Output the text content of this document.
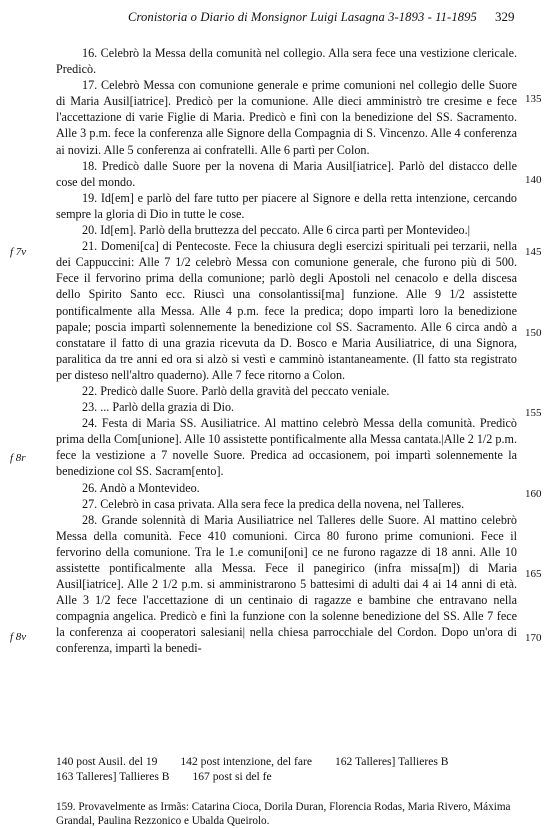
Cronistoria o Diario di Monsignor Luigi Lasagna 3-1893 - 11-1895 329

16. Celebrò la Messa della comunità nel collegio. Alla sera fece una vestizione clericale. Predicò.

17. Celebrò Messa con comunione generale e prime comunioni nel collegio delle Suore di Maria Ausil[iatrice]. Predicò per la comunione. Alle dieci amministrò tre cresime e fece l'accettazione di varie Figlie di Maria. Predicò e finì con la benedizione del SS. Sacramento. Alle 3 p.m. fece la conferenza alle Signore della Compagnia di S. Vincenzo. Alle 4 conferenza ai novizi. Alle 5 conferenza ai confratelli. Alle 6 partì per Colon.

18. Predicò dalle Suore per la novena di Maria Ausil[iatrice]. Parlò del distacco delle cose del mondo.

19. Id[em] e parlò del fare tutto per piacere al Signore e della retta intenzione, cercando sempre la gloria di Dio in tutte le cose.

20. Id[em]. Parlò della bruttezza del peccato. Alle 6 circa partì per Montevideo.|

21. Domeni[ca] di Pentecoste. Fece la chiusura degli esercizi spirituali pei terzarii, nella dei Cappuccini: Alle 7 1/2 celebrò Messa con comunione generale, che furono più di 500. Fece il fervorino prima della comunione; parlò degli Apostoli nel cenacolo e della discesa dello Spirito Santo ecc. Riuscì una consolantissi[ma] funzione. Alle 9 1/2 assistette pontificalmente alla Messa. Alle 4 p.m. fece la predica; dopo impartì loro la benedizione papale; poscia impartì solennemente la benedizione col SS. Sacramento. Alle 6 circa andò a constatare il fatto di una grazia ricevuta da D. Bosco e Maria Ausiliatrice, di una Signora, paralitica da tre anni ed ora si alzò si vestì e camminò istantaneamente. (Il fatto sta registrato per disteso nell'altro quaderno). Alle 7 fece ritorno a Colon.

22. Predicò dalle Suore. Parlò della gravità del peccato veniale.

23. ... Parlò della grazia di Dio.

24. Festa di Maria SS. Ausiliatrice. Al mattino celebrò Messa della comunità. Predicò prima della Com[unione]. Alle 10 assistette pontificalmente alla Messa cantata.|Alle 2 1/2 p.m. fece la vestizione a 7 novelle Suore. Predica ad occasionem, poi impartì solennemente la benedizione col SS. Sacram[ento].

26. Andò a Montevideo.

27. Celebrò in casa privata. Alla sera fece la predica della novena, nel Talleres.

28. Grande solennità di Maria Ausiliatrice nel Talleres delle Suore. Al mattino celebrò Messa della comunità. Fece 410 comunioni. Circa 80 furono prime comunioni. Fece il fervorino della comunione. Tra le 1.e comuni[oni] ce ne furono ragazze di 18 anni. Alle 10 assistette pontificalmente alla Messa. Fece il panegirico (infra missa[m]) di Maria Ausil[iatrice]. Alle 2 1/2 p.m. si amministrarono 5 battesimi di adulti dai 4 ai 14 anni di età. Alle 3 1/2 fece l'accettazione di un centinaio di ragazze e bambine che entravano nella compagnia angelica. Predicò e finì la funzione con la solenne benedizione del SS. Alle 7 fece la conferenza ai cooperatori salesiani| nella chiesa parrocchiale del Cordon. Dopo un'ora di conferenza, impartì la benedi-

f 7v
f 8r
f 8v
135
140
145
150
155
160
165
170
140 post Ausil. del 19 142 post intenzione, del fare 162 Talleres] Tallieres B 163 Talleres] Tallieres B 167 post si del fe
159. Provavelmente as Irmãs: Catarina Cioca, Dorila Duran, Florencia Rodas, Maria Rivero, Máxima Grandal, Paulina Rezzonico e Ubalda Queirolo.
